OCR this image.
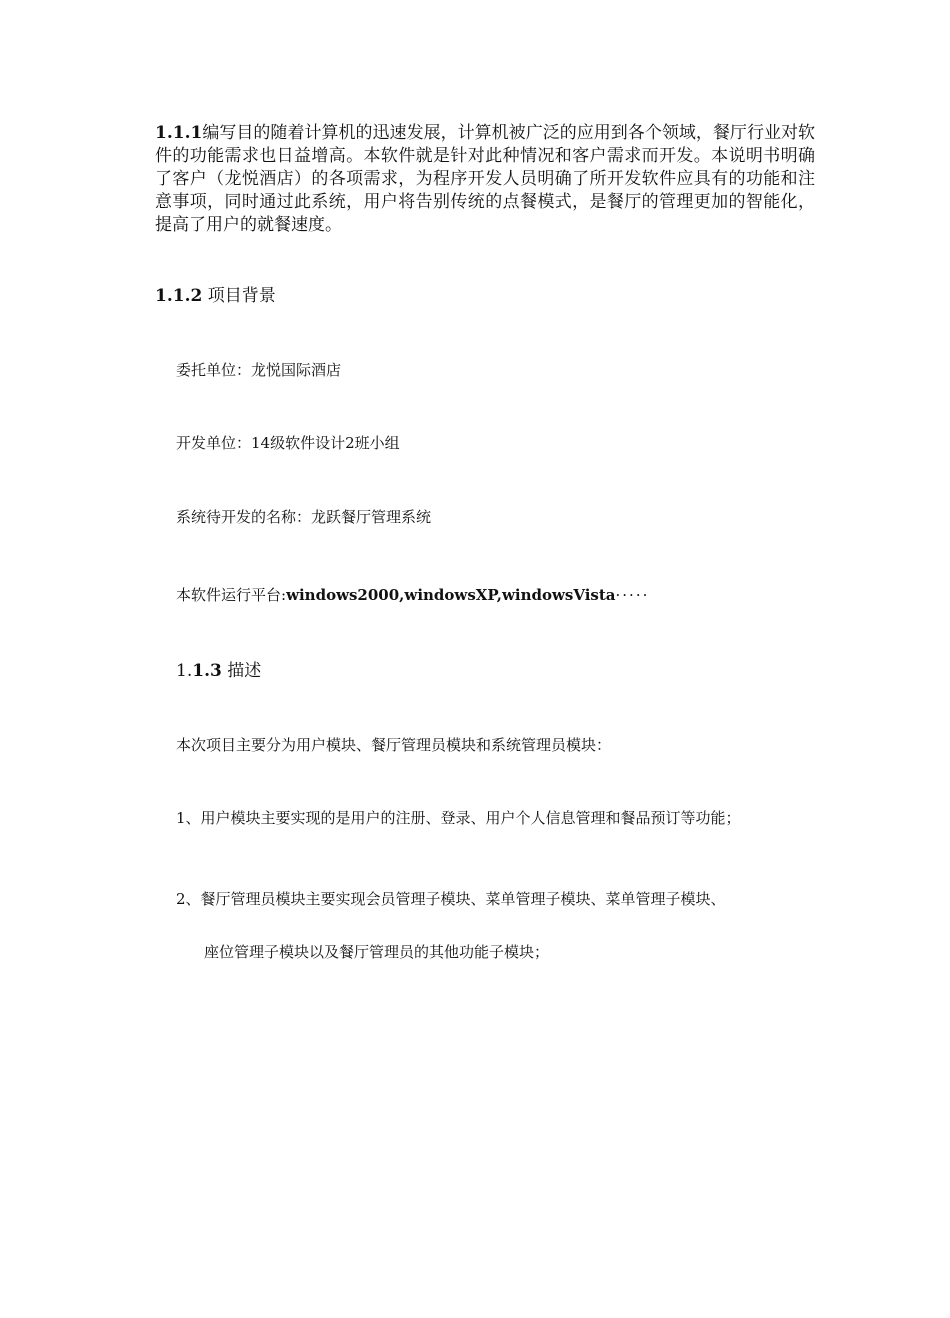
1.1.1编写目的随着计算机的迅速发展，计算机被广泛的应用到各个领域，餐厅行业对软件的功能需求也日益增高。本软件就是针对此种情况和客户需求而开发。本说明书明确了客户（龙悦酒店）的各项需求，为程序开发人员明确了所开发软件应具有的功能和注意事项，同时通过此系统，用户将告别传统的点餐模式，是餐厅的管理更加的智能化，提高了用户的就餐速度。

1.1.2 项目背景
委托单位：龙悦国际酒店
开发单位：14级软件设计2班小组
系统待开发的名称：龙跃餐厅管理系统
本软件运行平台:windows2000,windowsXP,windowsVista·····
1.1.3 描述
本次项目主要分为用户模块、餐厅管理员模块和系统管理员模块：
1、用户模块主要实现的是用户的注册、登录、用户个人信息管理和餐品预订等功能；
2、餐厅管理员模块主要实现会员管理子模块、菜单管理子模块、菜单管理子模块、
座位管理子模块以及餐厅管理员的其他功能子模块；
